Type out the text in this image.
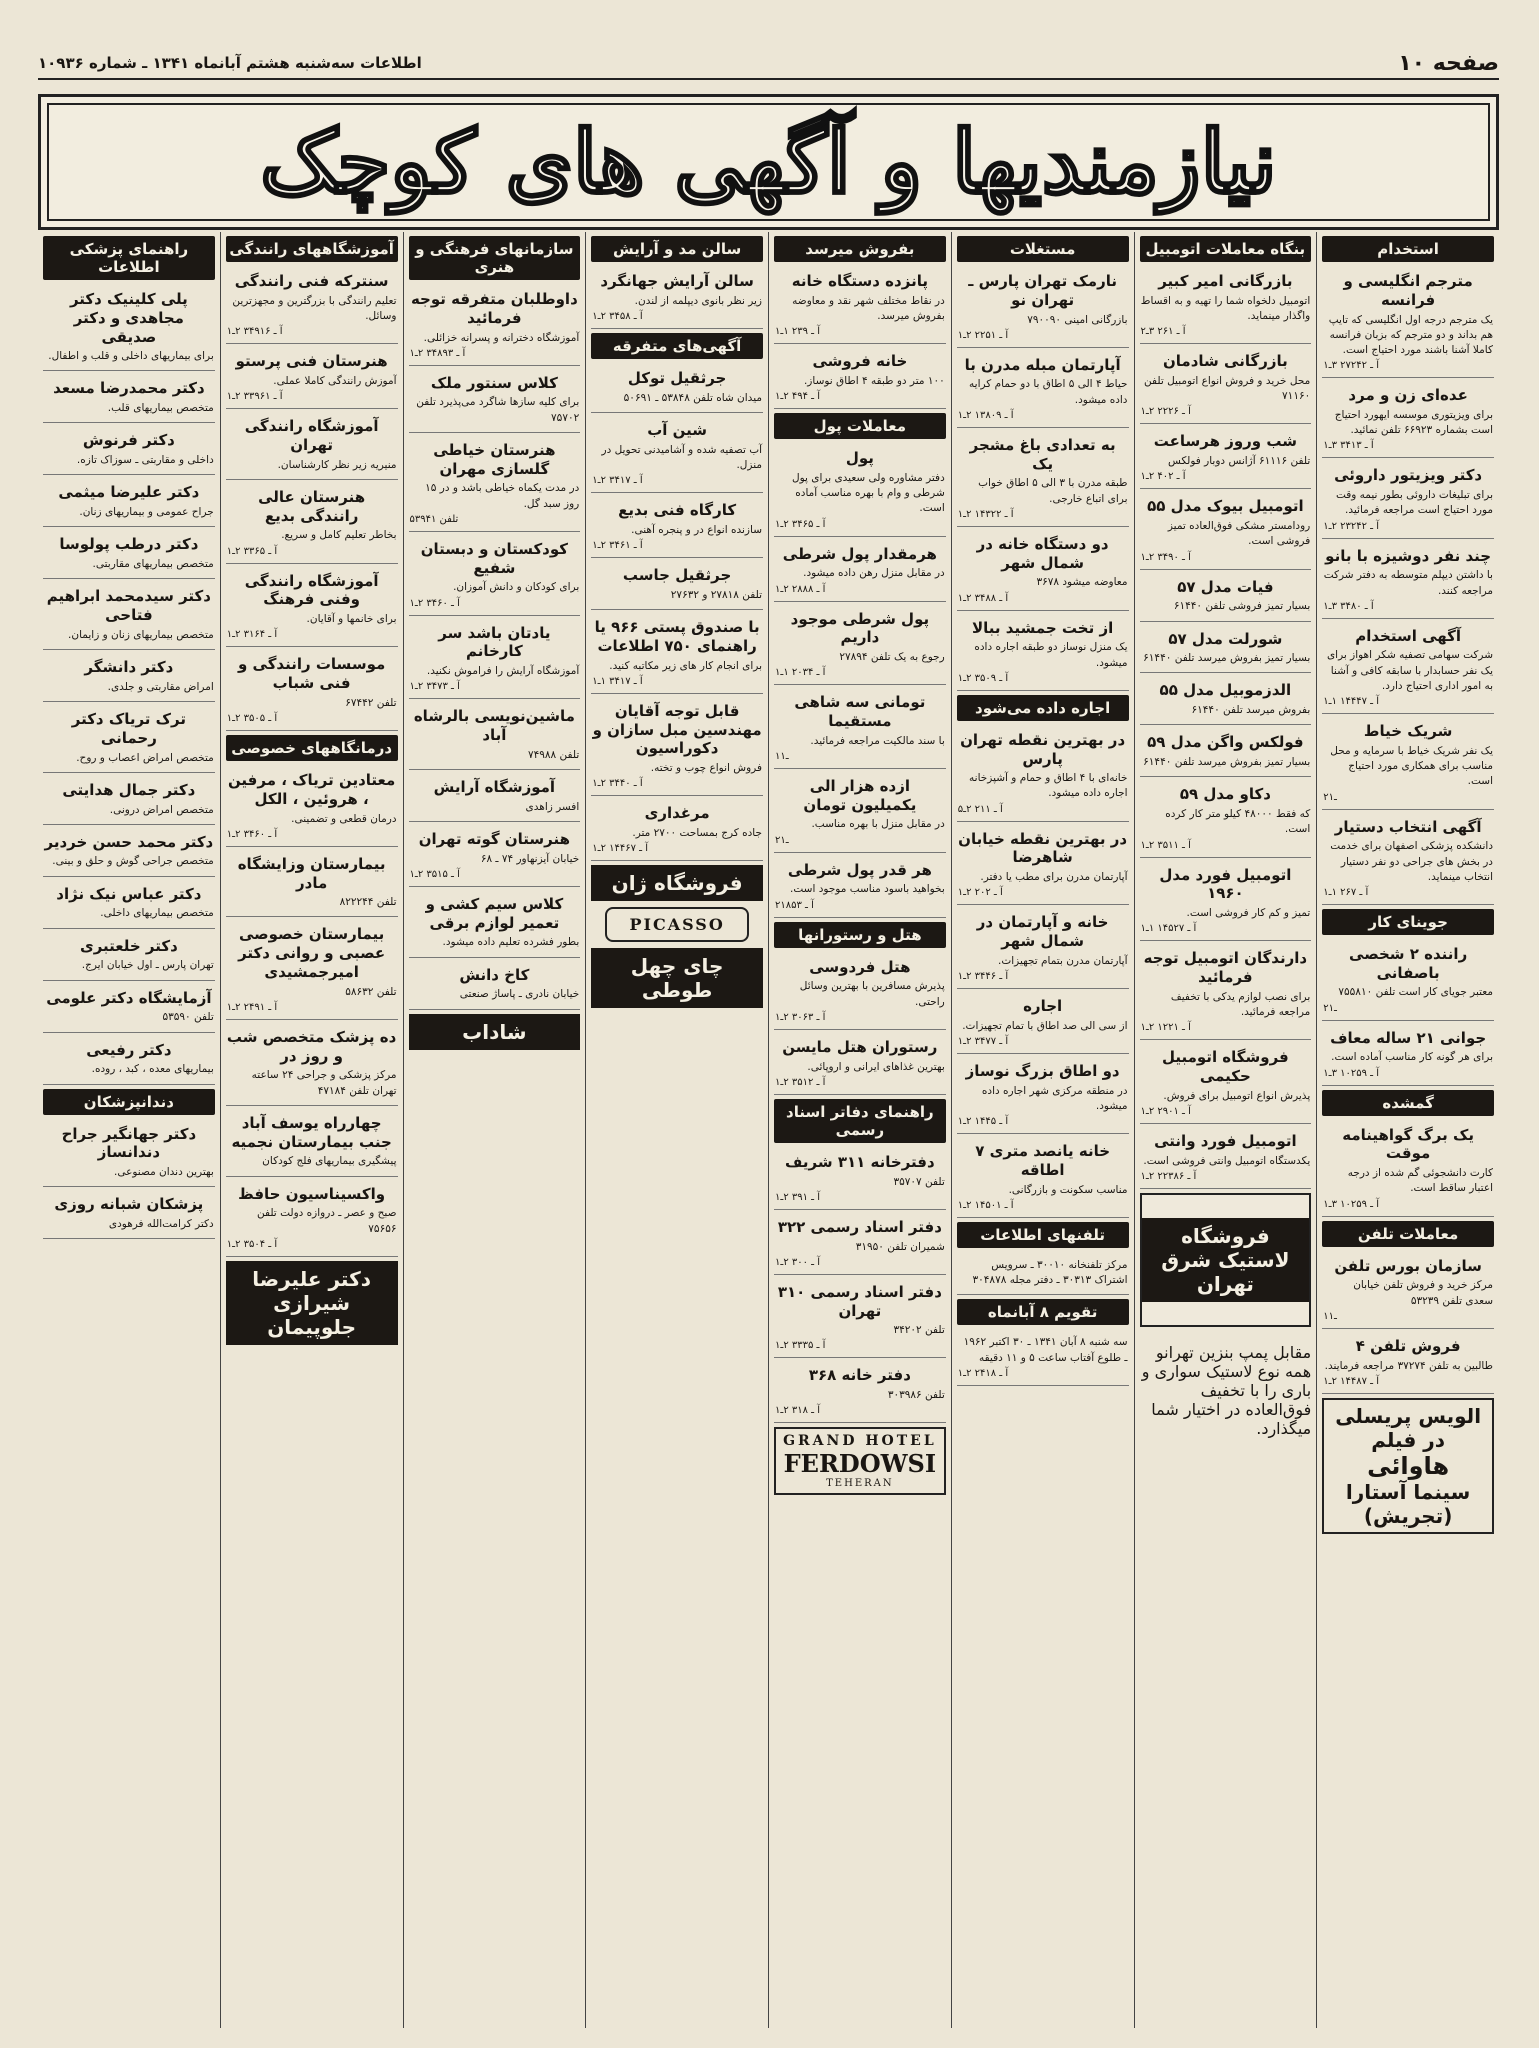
صفحه ۱۰
اطلاعات سه‌شنبه هشتم آبانماه ۱۳۴۱ ـ شماره ۱۰۹۳۶
نیازمندیها و آگهی های کوچک
استخدام
مترجم انگلیسی و فرانسه

یک مترجم درجه اول انگلیسی که تایپ هم بداند و دو مترجم که بزبان فرانسه کاملا آشنا باشند مورد احتیاج است.

آ ـ ۲۷۲۴۲ ۳ـ۱
عده‌ای زن و مرد

برای ویزیتوری موسسه ایهورد احتیاج است بشماره ۶۶۹۲۳ تلفن نمائید.

آ ـ ۳۴۱۳ ۳ـ۱
دکتر ویزیتور داروئی

برای تبلیغات داروئی بطور نیمه وقت مورد احتیاج است مراجعه فرمائید.

آ ـ ۲۳۲۴۲ ۲ـ۱
چند نفر دوشیزه با بانو

با داشتن دیپلم متوسطه به دفتر شرکت مراجعه کنند.

آ ـ ۳۴۸۰ ۳ـ۱
آگهی استخدام

شرکت سهامی تصفیه شکر اهواز برای یک نفر حسابدار با سابقه کافی و آشنا به امور اداری احتیاج دارد.

آ ـ ۱۴۴۴۷ ۱ـ۱
شریک خیاط

یک نفر شریک خیاط با سرمایه و محل مناسب برای همکاری مورد احتیاج است.

۲ـ۱
آگهی انتخاب دستیار

دانشکده پزشکی اصفهان برای خدمت در بخش های جراحی دو نفر دستیار انتخاب مینماید.

آ ـ ۲۶۷ ۱ـ۱
جوینای کار
راننده ۲ شخصی باصفانی

معتبر جویای کار است تلفن ۷۵۵۸۱۰

۲ـ۱
جوانی ۲۱ ساله معاف

برای هر گونه کار مناسب آماده است.

آ ـ ۱۰۲۵۹ ۳ـ۱
گمشده
یک برگ گواهینامه موقت

کارت دانشجوئی گم شده از درجه اعتبار ساقط است.

آ ـ ۱۰۲۵۹ ۳ـ۱
معاملات تلفن
سازمان بورس تلفن

مرکز خرید و فروش تلفن خیابان سعدی تلفن ۵۳۲۳۹

۱ـ۱
فروش تلفن ۴

طالبین به تلفن ۳۷۲۷۴ مراجعه فرمایند.

آ ـ ۱۴۴۸۷ ۲ـ۱
الویس پریسلی در فیلم
هاوائی
سینما آستارا (تجریش)
بنگاه معاملات اتومبیل
بازرگانی امیر کبیر

اتومبیل دلخواه شما را تهیه و به اقساط واگذار مینماید.

آ ـ ۲۶۱ ۳ـ۲
بازرگانی شادمان

محل خرید و فروش انواع اتومبیل تلفن ۷۱۱۶۰

آ ـ ۲۲۲۶ ۲ـ۱
شب وروز هرساعت

تلفن ۶۱۱۱۶ آژانس دوبار فولکس

آ ـ ۴۰۲ ۲ـ۱
اتومبیل بیوک مدل ۵۵

رودامستر مشکی فوق‌العاده تمیز فروشی است.

آ ـ ۳۴۹۰ ۲ـ۱
فیات مدل ۵۷

بسیار تمیز فروشی تلفن ۶۱۴۴۰

شورلت مدل ۵۷

بسیار تمیز بفروش میرسد تلفن ۶۱۴۴۰

الدزموبیل مدل ۵۵

بفروش میرسد تلفن ۶۱۴۴۰

فولکس واگن مدل ۵۹

بسیار تمیز بفروش میرسد تلفن ۶۱۴۴۰

دکاو مدل ۵۹

که فقط ۴۸۰۰۰ کیلو متر کار کرده است.

آ ـ ۳۵۱۱ ۲ـ۱
اتومبیل فورد مدل ۱۹۶۰

تمیز و کم کار فروشی است.

آ ـ ۱۴۵۲۷ ۱ـ۱
دارندگان اتومبیل توجه فرمائید

برای نصب لوازم یدکی با تخفیف مراجعه فرمائید.

آ ـ ۱۲۲۱ ۲ـ۱
فروشگاه اتومبیل حکیمی

پذیرش انواع اتومبیل برای فروش.

آ ـ ۲۹۰۱ ۲ـ۱
اتومبیل فورد وانتی

یکدستگاه اتومبیل وانتی فروشی است.

آ ـ ۲۲۳۸۶ ۲ـ۱
فروشگاه لاستیک شرق تهران

مقابل پمپ بنزین تهرانو همه نوع لاستیک سواری و باری را با تخفیف فوق‌العاده در اختیار شما میگذارد.

مستغلات
نارمک تهران پارس ـ تهران نو

بازرگانی امینی ۷۹۰۰۹۰

آ ـ ۲۲۵۱ ۲ـ۱
آپارتمان مبله مدرن با

حیاط ۴ الی ۵ اطاق با دو حمام کرایه داده میشود.

آ ـ ۱۳۸۰۹ ۲ـ۱
به تعدادی باغ مشجر یک

طبقه مدرن با ۳ الی ۵ اطاق خواب برای اتباع خارجی.

آ ـ ۱۴۳۲۲ ۲ـ۱
دو دستگاه خانه در شمال شهر

معاوضه میشود ۳۶۷۸

آ ـ ۳۴۸۸ ۲ـ۱
از تخت جمشید ببالا

یک منزل نوساز دو طبقه اجاره داده میشود.

آ ـ ۳۵۰۹ ۲ـ۱
اجاره داده می‌شود
در بهترین نقطه تهران پارس

خانه‌ای با ۴ اطاق و حمام و آشپزخانه اجاره داده میشود.

آ ـ ۲۱۱ ۲ـ۵
در بهترین نقطه خیابان شاهرضا

آپارتمان مدرن برای مطب یا دفتر.

آ ـ ۲۰۲ ۲ـ۱
خانه و آپارتمان در شمال شهر

آپارتمان مدرن بتمام تجهیزات.

آ ـ ۳۴۴۶ ۲ـ۱
اجاره

از سی الی صد اطاق با تمام تجهیزات.

آ ـ ۳۴۷۷ ۲ـ۱
دو اطاق بزرگ نوساز

در منطقه مرکزی شهر اجاره داده میشود.

آ ـ ۱۴۴۵ ۲ـ۱
خانه یانصد متری ۷ اطاقه

مناسب سکونت و بازرگانی.

آ ـ ۱۴۵۰۱ ۲ـ۱
تلفنهای اطلاعات

مرکز تلفنخانه ۳۰۰۱۰ ـ سرویس اشتراک ۳۰۳۱۳ ـ دفتر مجله ۳۰۴۸۷۸

تقویم ۸ آبانماه

سه شنبه ۸ آبان ۱۳۴۱ ـ ۳۰ اکتبر ۱۹۶۲ ـ طلوع آفتاب ساعت ۵ و ۱۱ دقیقه

آ ـ ۲۴۱۸ ۲ـ۱
بفروش میرسد
پانزده دستگاه خانه

در نقاط مختلف شهر نقد و معاوضه بفروش میرسد.

آ ـ ۲۳۹ ۱ـ۱
خانه فروشی

۱۰۰ متر دو طبقه ۴ اطاق نوساز.

آ ـ ۴۹۴ ۲ـ۱
معاملات پول
پول

دفتر مشاوره ولی سعیدی برای پول شرطی و وام با بهره مناسب آماده است.

آ ـ ۳۴۶۵ ۲ـ۱
هرمقدار پول شرطی

در مقابل منزل رهن داده میشود.

آ ـ ۲۸۸۸ ۲ـ۱
پول شرطی موجود داریم

رجوع به یک تلفن ۲۷۸۹۴

آ ـ ۲۰۳۴ ۱ـ۱
تومانی سه شاهی مستقیما

با سند مالکیت مراجعه فرمائید.

۱ـ۱
ازده هزار الی یکمیلیون تومان

در مقابل منزل با بهره مناسب.

۲ـ۱
هر قدر پول شرطی

بخواهید باسود مناسب موجود است.

آ ـ ۲۱۸۵۳
هتل و رستورانها
هتل فردوسی

پذیرش مسافرین با بهترین وسائل راحتی.

آ ـ ۳۰۶۳ ۲ـ۱
رستوران هتل مایسن

بهترین غذاهای ایرانی و اروپائی.

آ ـ ۳۵۱۲ ۲ـ۱
راهنمای دفاتر اسناد رسمی
دفترخانه ۳۱۱ شریف

تلفن ۳۵۷۰۷

آ ـ ۳۹۱ ۲ـ۱
دفتر اسناد رسمی ۳۲۲

شمیران تلفن ۳۱۹۵۰

آ ـ ۳۰۰ ۲ـ۱
دفتر اسناد رسمی ۳۱۰ تهران

تلفن ۳۴۲۰۲

آ ـ ۳۳۳۵ ۲ـ۱
دفتر خانه ۳۶۸

تلفن ۳۰۳۹۸۶

آ ـ ۳۱۸ ۲ـ۱
GRAND HOTEL
FERDOWSI
TEHERAN
سالن مد و آرایش
سالن آرایش جهانگرد

زیر نظر بانوی دیپلمه از لندن.

آ ـ ۳۴۵۸ ۲ـ۱
آگهی‌های متفرقه
جرثقیل توکل

میدان شاه تلفن ۵۳۸۴۸ ـ ۵۰۶۹۱

شین آب

آب تصفیه شده و آشامیدنی تحویل در منزل.

آ ـ ۳۴۱۷ ۲ـ۱
کارگاه فنی بدیع

سازنده انواع در و پنجره آهنی.

آ ـ ۳۴۶۱ ۲ـ۱
جرثقیل جاسب

تلفن ۲۷۸۱۸ و ۲۷۶۳۲

با صندوق پستی ۹۶۶ یا راهنمای ۷۵۰ اطلاعات

برای انجام کار های زیر مکاتبه کنید.

آ ـ ۳۴۱۷ ۱ـ۱
قابل توجه آقایان مهندسین مبل سازان و دکوراسیون

فروش انواع چوب و تخته.

آ ـ ۳۴۴۰ ۲ـ۱
مرغداری

جاده کرج بمساحت ۲۷۰۰ متر.

آ ـ ۱۴۴۶۷ ۲ـ۱
فروشگاه ژان
PICASSO
چای چهل طوطی
سازمانهای فرهنگی و هنری
داوطلبان متفرقه توجه فرمائید

آموزشگاه دخترانه و پسرانه خزائلی.

آ ـ ۳۴۸۹۳ ۲ـ۱
کلاس سنتور ملک

برای کلیه سازها شاگرد می‌پذیرد تلفن ۷۵۷۰۲

هنرستان خیاطی گلسازی مهران

در مدت یکماه خیاطی باشد و در ۱۵ روز سبد گل.

تلفن ۵۳۹۴۱
کودکستان و دبستان شفیع

برای کودکان و دانش آموزان.

آ ـ ۳۴۶۰ ۲ـ۱
یادتان باشد سر کارخانم

آموزشگاه آرایش را فراموش نکنید.

آ ـ ۳۴۷۳ ۲ـ۱
ماشین‌نویسی بالرشاه آباد

تلفن ۷۴۹۸۸

آموزشگاه آرایش

افسر زاهدی

هنرستان گوته تهران

خیابان آیزنهاور ۷۴ ـ ۶۸

آ ـ ۳۵۱۵ ۲ـ۱
کلاس سیم کشی و تعمیر لوازم برقی

بطور فشرده تعلیم داده میشود.

کاخ دانش

خیابان نادری ـ پاساژ صنعتی

شاداب
آموزشگاههای رانندگی
سنترکه فنی رانندگی

تعلیم رانندگی با بزرگترین و مجهزترین وسائل.

آ ـ ۳۴۹۱۶ ۲ـ۱
هنرستان فنی پرستو

آموزش رانندگی کاملا عملی.

آ ـ ۳۳۹۶۱ ۲ـ۱
آموزشگاه رانندگی تهران

منیریه زیر نظر کارشناسان.

هنرستان عالی رانندگی بدیع

بخاطر تعلیم کامل و سریع.

آ ـ ۳۳۶۵ ۲ـ۱
آموزشگاه رانندگی وفنی فرهنگ

برای خانمها و آقایان.

آ ـ ۳۱۶۴ ۲ـ۱
موسسات رانندگی و فنی شباب

تلفن ۶۷۴۴۲

آ ـ ۳۵۰۵ ۲ـ۱
درمانگاههای خصوصی
معتادین تریاک ، مرفین ، هروئین ، الکل

درمان قطعی و تضمینی.

آ ـ ۳۴۶۰ ۲ـ۱
بیمارستان وزایشگاه مادر

تلفن ۸۲۲۲۴۴

بیمارستان خصوصی عصبی و روانی دکتر امیرجمشیدی

تلفن ۵۸۶۳۲

آ ـ ۲۴۹۱ ۲ـ۱
ده پزشک متخصص شب و روز در

مرکز پزشکی و جراحی ۲۴ ساعته تهران تلفن ۴۷۱۸۴

چهارراه یوسف آباد جنب بیمارستان نجمیه

پیشگیری بیماریهای فلج کودکان

واکسیناسیون حافظ

صبح و عصر ـ دروازه دولت تلفن ۷۵۶۵۶

آ ـ ۳۵۰۴ ۲ـ۱
دکتر علیرضا شیرازی جلوپیمان
راهنمای پزشکی اطلاعات
پلی کلینیک دکتر مجاهدی و دکتر صدیقی

برای بیماریهای داخلی و قلب و اطفال.

دکتر محمدرضا مسعد

متخصص بیماریهای قلب.

دکتر فرنوش

داخلی و مقاربتی ـ سوزاک تازه.

دکتر علیرضا میثمی

جراح عمومی و بیماریهای زنان.

دکتر درطب پولوسا

متخصص بیماریهای مقاربتی.

دکتر سیدمحمد ابراهیم فتاحی

متخصص بیماریهای زنان و زایمان.

دکتر دانشگر

امراض مقاربتی و جلدی.

ترک تریاک دکتر رحمانی

متخصص امراض اعصاب و روح.

دکتر جمال هدایتی

متخصص امراض درونی.

دکتر محمد حسن خردیر

متخصص جراحی گوش و حلق و بینی.

دکتر عباس نیک نژاد

متخصص بیماریهای داخلی.

دکتر خلعتبری

تهران پارس ـ اول خیابان ایرج.

آزمایشگاه دکتر علومی

تلفن ۵۳۵۹۰

دکتر رفیعی

بیماریهای معده ، کبد ، روده.

دندانپزشکان
دکتر جهانگیر جراح دندانساز

بهترین دندان مصنوعی.

پزشکان شبانه روزی

دکتر کرامت‌الله فرهودی
